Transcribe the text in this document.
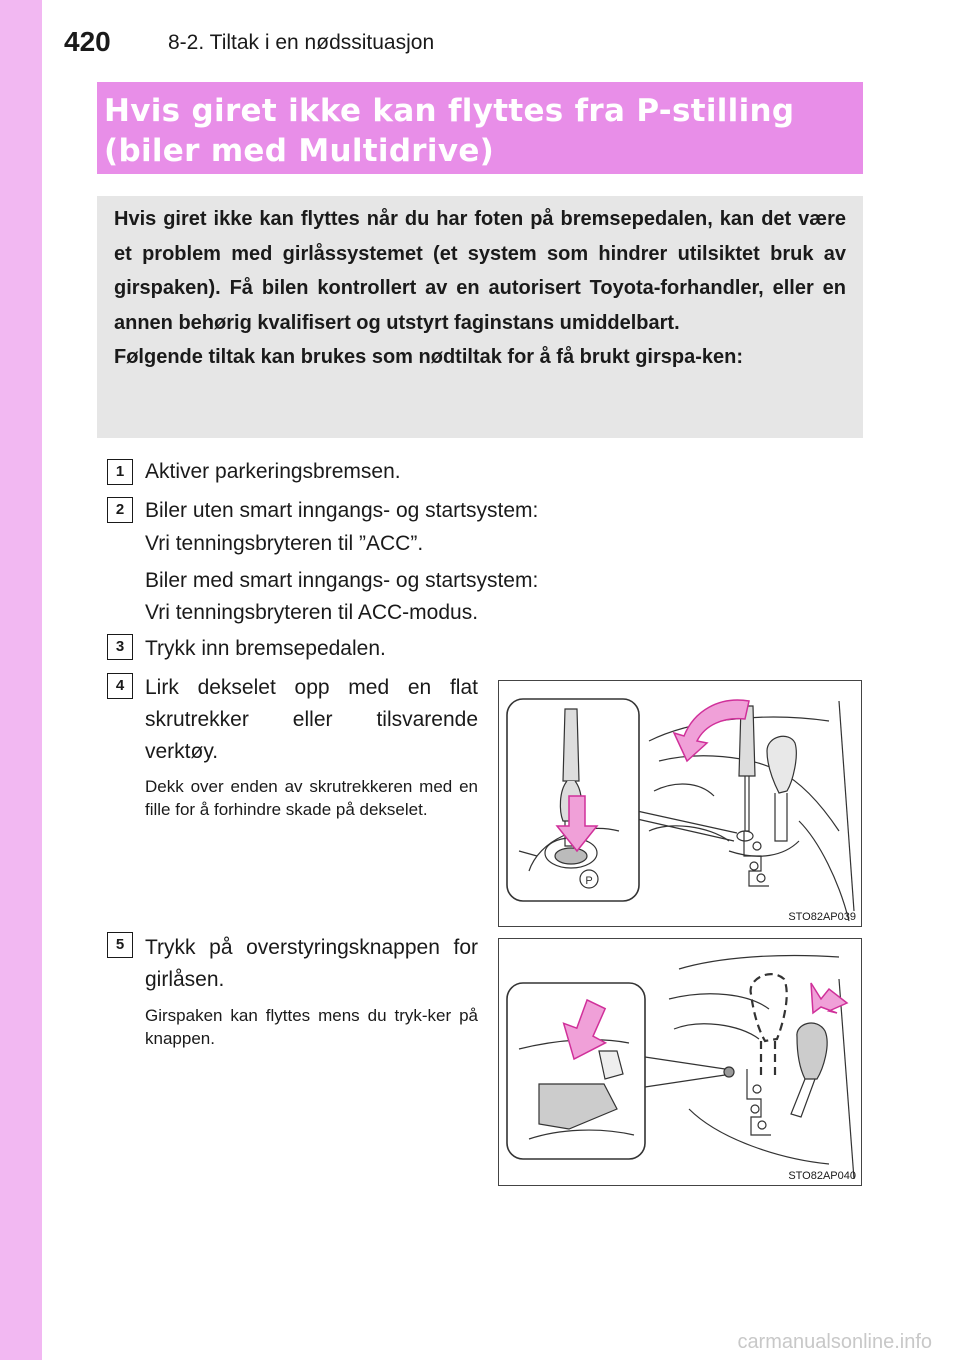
420	8-2. Tiltak i en nødssituasjon
Hvis giret ikke kan flyttes fra P-stilling
(biler med Multidrive)

Hvis giret ikke kan flyttes når du har foten på bremsepedalen, kan det være et problem med girlåssystemet (et system som hindrer utilsiktet bruk av girspaken). Få bilen kontrollert av en autorisert Toyota-forhandler, eller en annen behørig kvalifisert og utstyrt faginstans umiddelbart.

Følgende tiltak kan brukes som nødtiltak for å få brukt girspa-ken:

1 Aktiver parkeringsbremsen.
2 Biler uten smart inngangs- og startsystem:
Vri tenningsbryteren til ”ACC”.
Biler med smart inngangs- og startsystem:
Vri tenningsbryteren til ACC-modus.
3 Trykk inn bremsepedalen.
4 Lirk dekselet opp med en flat skrutrekker eller tilsvarende verktøy.
Dekk over enden av skrutrekkeren med en fille for å forhindre skade på dekselet.
5 Trykk på overstyringsknappen for girlåsen.
Girspaken kan flyttes mens du tryk-ker på knappen.
P
STO82AP039
STO82AP040
carmanualsonline.info
